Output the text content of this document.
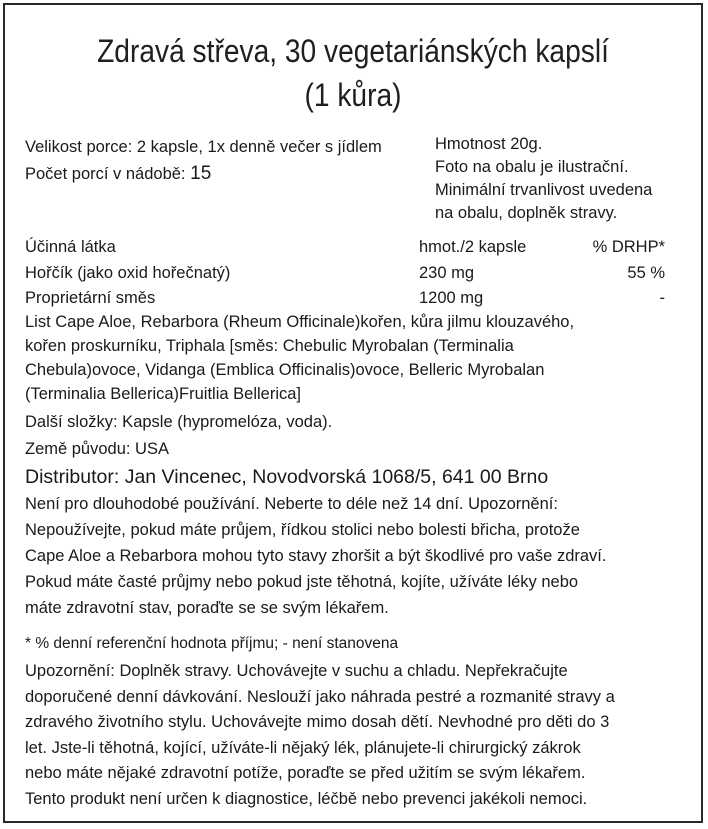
Zdravá střeva, 30 vegetariánských kapslí
(1 kůra)
Velikost porce: 2 kapsle, 1x denně večer s jídlem
Počet porcí v nádobě: 15
Hmotnost 20g.
Foto na obalu je ilustrační.
Minimální trvanlivost uvedena
na obalu, doplněk stravy.
Účinná látka	hmot./2 kapsle	% DRHP*
Hořčík (jako oxid hořečnatý)	230 mg	55 %
Proprietární směs	1200 mg	-
List Cape Aloe, Rebarbora (Rheum Officinale)kořen, kůra jilmu klouzavého,
kořen proskurníku, Triphala [směs: Chebulic Myrobalan (Terminalia
Chebula)ovoce, Vidanga (Emblica Officinalis)ovoce, Belleric Myrobalan
(Terminalia Bellerica)Fruitlia Bellerica]
Další složky: Kapsle (hypromelóza, voda).
Země původu: USA
Distributor: Jan Vincenec, Novodvorská 1068/5, 641 00 Brno
Není pro dlouhodobé používání. Neberte to déle než 14 dní. Upozornění:
Nepoužívejte, pokud máte průjem, řídkou stolici nebo bolesti břicha, protože
Cape Aloe a Rebarbora mohou tyto stavy zhoršit a být škodlivé pro vaše zdraví.
Pokud máte časté průjmy nebo pokud jste těhotná, kojíte, užíváte léky nebo
máte zdravotní stav, poraďte se se svým lékařem.
* % denní referenční hodnota příjmu; - není stanovena
Upozornění: Doplněk stravy. Uchovávejte v suchu a chladu. Nepřekračujte
doporučené denní dávkování. Neslouží jako náhrada pestré a rozmanité stravy a
zdravého životního stylu. Uchovávejte mimo dosah dětí. Nevhodné pro děti do 3
let. Jste-li těhotná, kojící, užíváte-li nějaký lék, plánujete-li chirurgický zákrok
nebo máte nějaké zdravotní potíže, poraďte se před užitím se svým lékařem.
Tento produkt není určen k diagnostice, léčbě nebo prevenci jakékoli nemoci.
